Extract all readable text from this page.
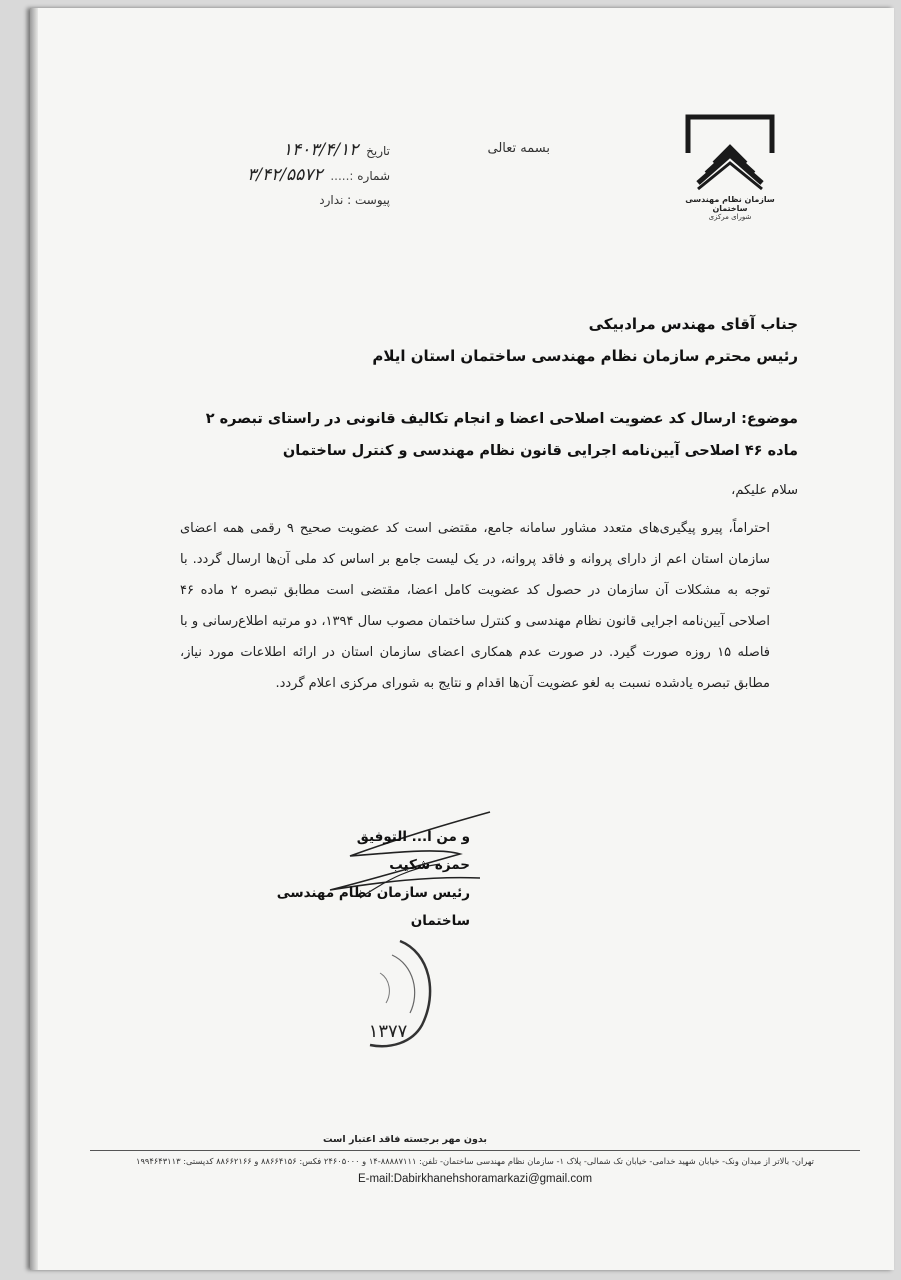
سازمان نظام مهندسی ساختمان
شورای مرکزی
بسمه تعالی
تاریخ ۱۴۰۳/۴/۱۲
شماره :..... ۳/۴۲/۵۵۷۲
پیوست : ندارد
جناب آقای مهندس مرادبیکی
رئیس محترم سازمان نظام مهندسی ساختمان استان ایلام
موضوع: ارسال کد عضویت اصلاحی اعضا و انجام تکالیف قانونی در راستای تبصره ۲ ماده ۴۶ اصلاحی آیین‌نامه اجرایی قانون نظام مهندسی و کنترل ساختمان
سلام علیکم،
احتراماً، پیرو پیگیری‌های متعدد مشاور سامانه جامع، مقتضی است کد عضویت صحیح ۹ رقمی همه اعضای سازمان استان اعم از دارای پروانه و فاقد پروانه، در یک لیست جامع بر اساس کد ملی آن‌ها ارسال گردد. با توجه به مشکلات آن سازمان در حصول کد عضویت کامل اعضا، مقتضی است مطابق تبصره ۲ ماده ۴۶ اصلاحی آیین‌نامه اجرایی قانون نظام مهندسی و کنترل ساختمان مصوب سال ۱۳۹۴، دو مرتبه اطلاع‌رسانی و با فاصله ۱۵ روزه صورت گیرد. در صورت عدم همکاری اعضای سازمان استان در ارائه اطلاعات مورد نیاز، مطابق تبصره یادشده نسبت به لغو عضویت آن‌ها اقدام و نتایج به شورای مرکزی اعلام گردد.
و من ا... التوفیق
حمزه شکیب
رئیس سازمان نظام مهندسی ساختمان
۱۳۷۷
بدون مهر برجسته فاقد اعتبار است
تهران- بالاتر از میدان ونک- خیابان شهید خدامی- خیابان تک شمالی- پلاک ۱- سازمان نظام مهندسی ساختمان- تلفن: ۸۸۸۸۷۱۱۱-۱۴ و ۲۴۶۰۵۰۰۰ فکس: ۸۸۶۶۴۱۵۶ و ۸۸۶۶۲۱۶۶ کدپستی: ۱۹۹۴۶۴۳۱۱۳
E-mail:Dabirkhanehshoramarkazi@gmail.com
